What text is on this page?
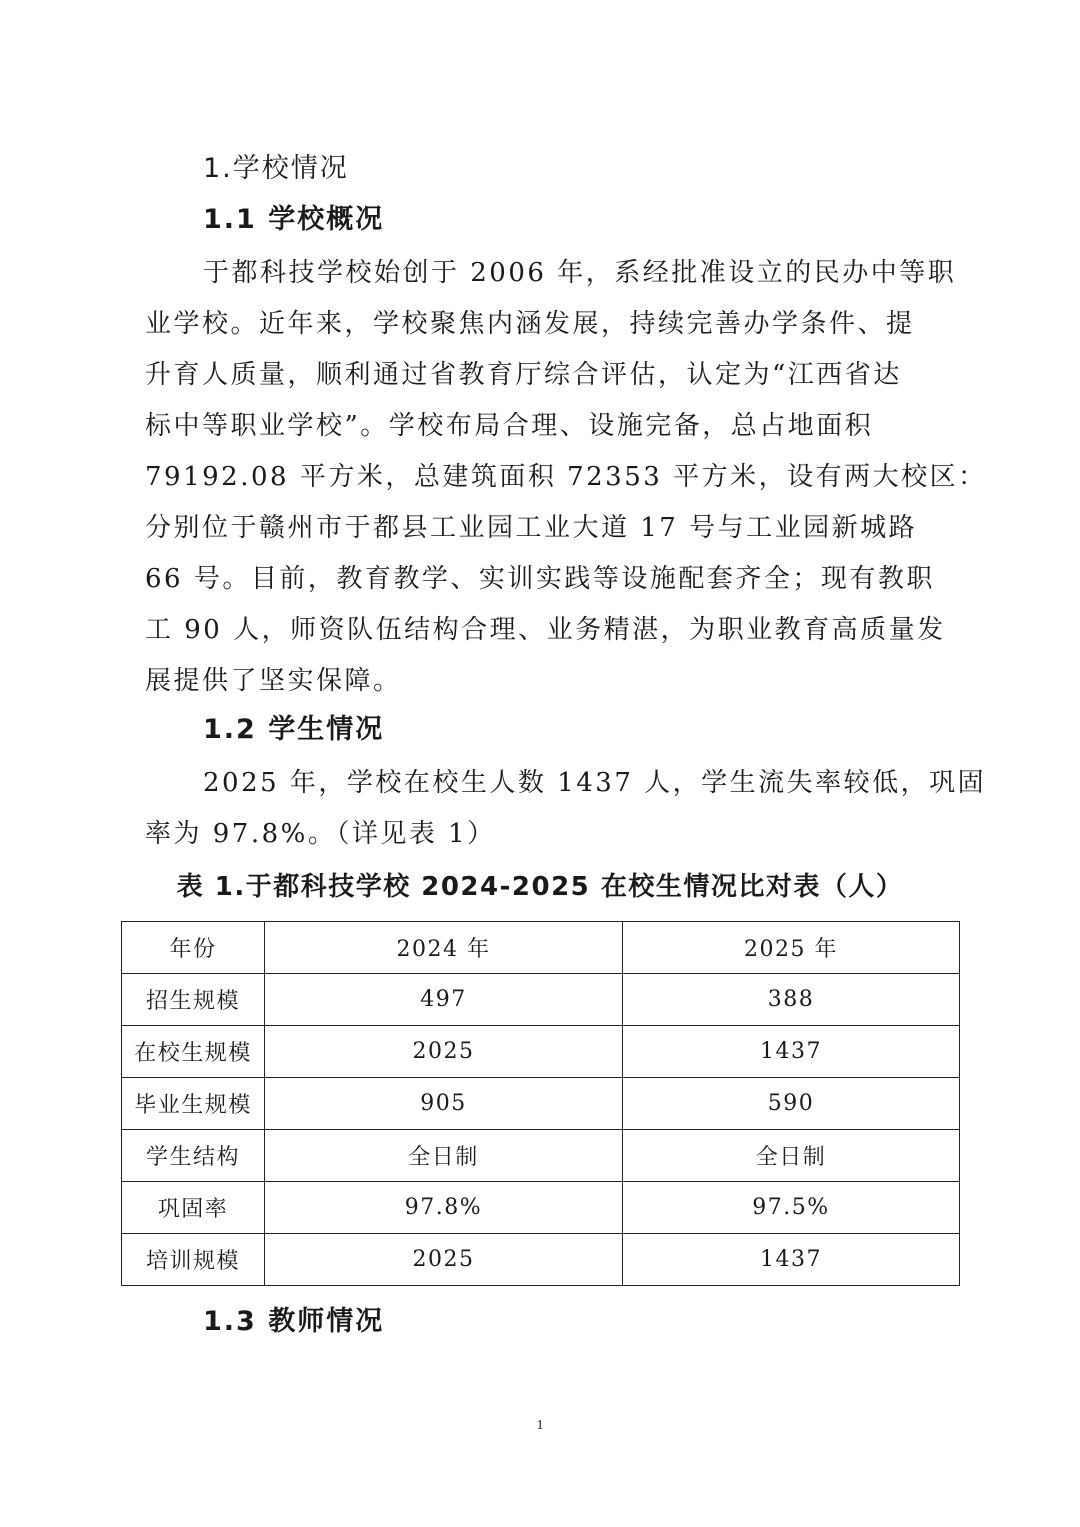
1.学校情况
1.1 学校概况
于都科技学校始创于 2006 年，系经批准设立的民办中等职
业学校。近年来，学校聚焦内涵发展，持续完善办学条件、提
升育人质量，顺利通过省教育厅综合评估，认定为“江西省达
标中等职业学校”。学校布局合理、设施完备，总占地面积
79192.08 平方米，总建筑面积 72353 平方米，设有两大校区：
分别位于赣州市于都县工业园工业大道 17 号与工业园新城路
66 号。目前，教育教学、实训实践等设施配套齐全；现有教职
工 90 人，师资队伍结构合理、业务精湛，为职业教育高质量发
展提供了坚实保障。
1.2 学生情况
2025 年，学校在校生人数 1437 人，学生流失率较低，巩固
率为 97.8%。（详见表 1）
表 1.于都科技学校 2024-2025 在校生情况比对表（人）
年份	2024 年	2025 年
招生规模	497	388
在校生规模	2025	1437
毕业生规模	905	590
学生结构	全日制	全日制
巩固率	97.8%	97.5%
培训规模	2025	1437
1.3 教师情况
1
